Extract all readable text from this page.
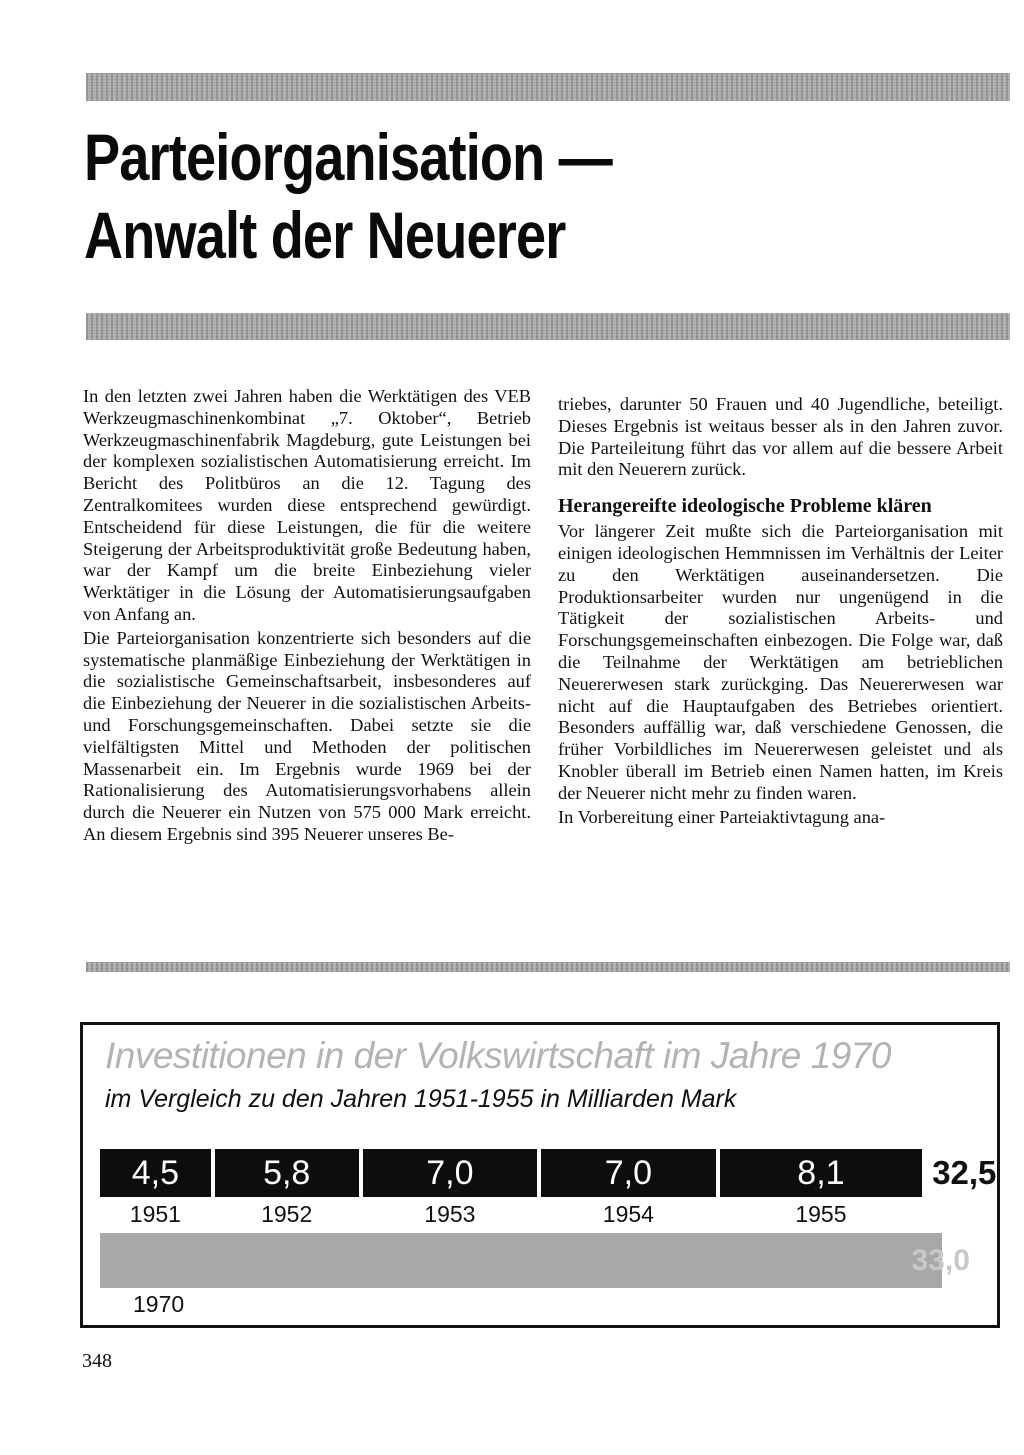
Parteiorganisation —
Anwalt der Neuerer

In den letzten zwei Jahren haben die Werktätigen des VEB Werkzeugmaschinenkombinat „7. Oktober“, Betrieb Werkzeugmaschinenfabrik Magdeburg, gute Leistungen bei der komplexen sozialistischen Automatisierung erreicht. Im Bericht des Politbüros an die 12. Tagung des Zentralkomitees wurden diese entsprechend gewürdigt. Entscheidend für diese Leistungen, die für die weitere Steigerung der Arbeitsproduktivität große Bedeutung haben, war der Kampf um die breite Einbeziehung vieler Werktätiger in die Lösung der Automatisierungsaufgaben von Anfang an.

Die Parteiorganisation konzentrierte sich besonders auf die systematische planmäßige Einbeziehung der Werktätigen in die sozialistische Gemeinschaftsarbeit, insbesonderes auf die Einbeziehung der Neuerer in die sozialistischen Arbeits- und Forschungsgemeinschaften. Dabei setzte sie die vielfältigsten Mittel und Methoden der politischen Massenarbeit ein. Im Ergebnis wurde 1969 bei der Rationalisierung des Automatisierungsvorhabens allein durch die Neuerer ein Nutzen von 575 000 Mark erreicht. An diesem Ergebnis sind 395 Neuerer unseres Be-

triebes, darunter 50 Frauen und 40 Jugendliche, beteiligt. Dieses Ergebnis ist weitaus besser als in den Jahren zuvor. Die Parteileitung führt das vor allem auf die bessere Arbeit mit den Neuerern zurück.

Herangereifte ideologische Probleme klären

Vor längerer Zeit mußte sich die Parteiorganisation mit einigen ideologischen Hemmnissen im Verhältnis der Leiter zu den Werktätigen auseinandersetzen. Die Produktionsarbeiter wurden nur ungenügend in die Tätigkeit der sozialistischen Arbeits- und Forschungsgemeinschaften einbezogen. Die Folge war, daß die Teilnahme der Werktätigen am betrieblichen Neuererwesen stark zurückging. Das Neuererwesen war nicht auf die Hauptaufgaben des Betriebes orientiert. Besonders auffällig war, daß verschiedene Genossen, die früher Vorbildliches im Neuererwesen geleistet und als Knobler überall im Betrieb einen Namen hatten, im Kreis der Neuerer nicht mehr zu finden waren.

In Vorbereitung einer Parteiaktivtagung ana-

Investitionen in der Volkswirtschaft im Jahre 1970
im Vergleich zu den Jahren 1951-1955 in Milliarden Mark
32,5
33,0
1970
4,5
1951
5,8
1952
7,0
1953
7,0
1954
8,1
1955
348
